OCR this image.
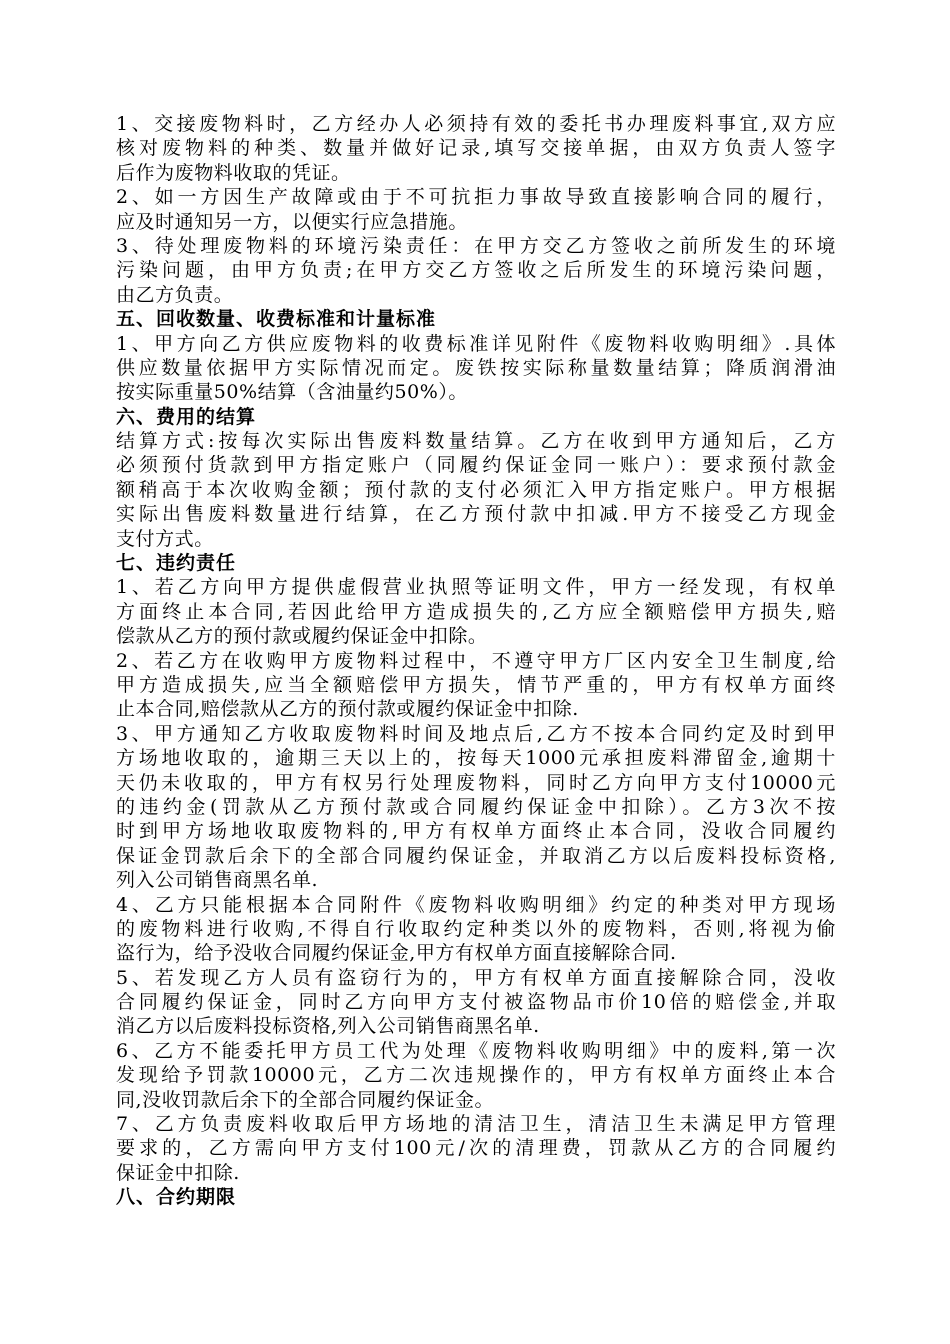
1、交接废物料时，乙方经办人必须持有效的委托书办理废料事宜,双方应
核对废物料的种类、数量并做好记录,填写交接单据，由双方负责人签字
后作为废物料收取的凭证。
2、如一方因生产故障或由于不可抗拒力事故导致直接影响合同的履行，
应及时通知另一方，以便实行应急措施。
3、待处理废物料的环境污染责任：在甲方交乙方签收之前所发生的环境
污染问题，由甲方负责;在甲方交乙方签收之后所发生的环境污染问题，
由乙方负责。
五、回收数量、收费标准和计量标准
1、甲方向乙方供应废物料的收费标准详见附件《废物料收购明细》.具体
供应数量依据甲方实际情况而定。废铁按实际称量数量结算；降质润滑油
按实际重量50%结算（含油量约50%）。
六、费用的结算
结算方式:按每次实际出售废料数量结算。乙方在收到甲方通知后，乙方
必须预付货款到甲方指定账户（同履约保证金同一账户）：要求预付款金
额稍高于本次收购金额；预付款的支付必须汇入甲方指定账户。甲方根据
实际出售废料数量进行结算，在乙方预付款中扣减.甲方不接受乙方现金
支付方式。
七、违约责任
1、若乙方向甲方提供虚假营业执照等证明文件，甲方一经发现，有权单
方面终止本合同,若因此给甲方造成损失的,乙方应全额赔偿甲方损失,赔
偿款从乙方的预付款或履约保证金中扣除。
2、若乙方在收购甲方废物料过程中，不遵守甲方厂区内安全卫生制度,给
甲方造成损失,应当全额赔偿甲方损失，情节严重的，甲方有权单方面终
止本合同,赔偿款从乙方的预付款或履约保证金中扣除.
3、甲方通知乙方收取废物料时间及地点后,乙方不按本合同约定及时到甲
方场地收取的，逾期三天以上的，按每天1000元承担废料滞留金,逾期十
天仍未收取的，甲方有权另行处理废物料，同时乙方向甲方支付10000元
的违约金(罚款从乙方预付款或合同履约保证金中扣除）。乙方3次不按
时到甲方场地收取废物料的,甲方有权单方面终止本合同，没收合同履约
保证金罚款后余下的全部合同履约保证金，并取消乙方以后废料投标资格,
列入公司销售商黑名单.
4、乙方只能根据本合同附件《废物料收购明细》约定的种类对甲方现场
的废物料进行收购,不得自行收取约定种类以外的废物料，否则,将视为偷
盗行为，给予没收合同履约保证金,甲方有权单方面直接解除合同.
5、若发现乙方人员有盗窃行为的，甲方有权单方面直接解除合同，没收
合同履约保证金，同时乙方向甲方支付被盗物品市价10倍的赔偿金,并取
消乙方以后废料投标资格,列入公司销售商黑名单.
6、乙方不能委托甲方员工代为处理《废物料收购明细》中的废料,第一次
发现给予罚款10000元，乙方二次违规操作的，甲方有权单方面终止本合
同,没收罚款后余下的全部合同履约保证金。
7、乙方负责废料收取后甲方场地的清洁卫生，清洁卫生未满足甲方管理
要求的，乙方需向甲方支付100元/次的清理费，罚款从乙方的合同履约
保证金中扣除.
八、合约期限
